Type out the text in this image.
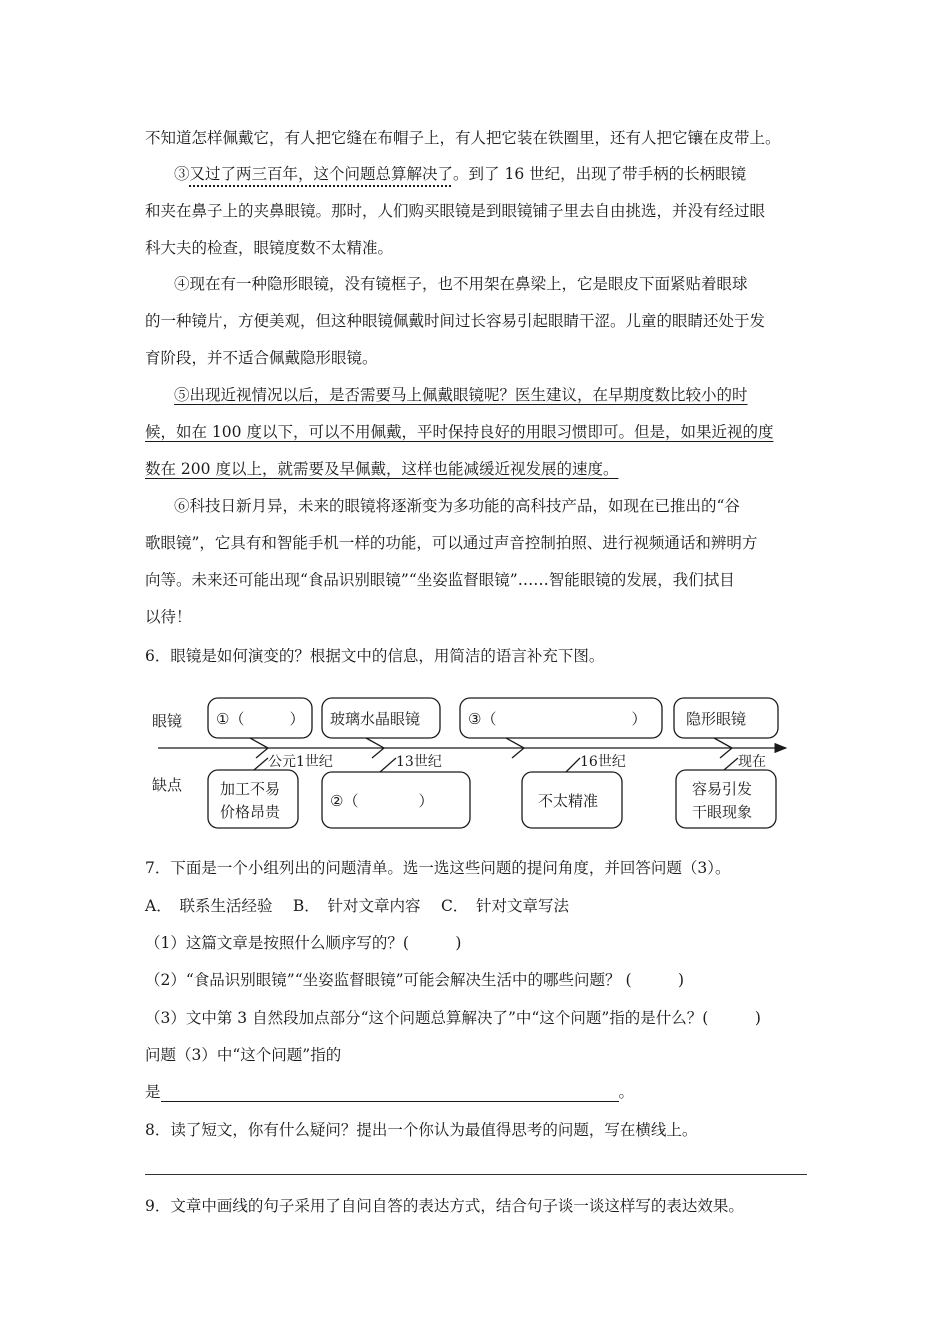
不知道怎样佩戴它，有人把它缝在布帽子上，有人把它装在铁圈里，还有人把它镶在皮带上。
③又过了两三百年，这个问题总算解决了。到了 16 世纪，出现了带手柄的长柄眼镜
和夹在鼻子上的夹鼻眼镜。那时，人们购买眼镜是到眼镜铺子里去自由挑选，并没有经过眼
科大夫的检查，眼镜度数不太精准。
④现在有一种隐形眼镜，没有镜框子，也不用架在鼻梁上，它是眼皮下面紧贴着眼球
的一种镜片，方便美观，但这种眼镜佩戴时间过长容易引起眼睛干涩。儿童的眼睛还处于发
育阶段，并不适合佩戴隐形眼镜。
⑤出现近视情况以后，是否需要马上佩戴眼镜呢？医生建议，在早期度数比较小的时
候，如在 100 度以下，可以不用佩戴，平时保持良好的用眼习惯即可。但是，如果近视的度
数在 200 度以上，就需要及早佩戴，这样也能减缓近视发展的速度。
⑥科技日新月异，未来的眼镜将逐渐变为多功能的高科技产品，如现在已推出的“谷
歌眼镜”，它具有和智能手机一样的功能，可以通过声音控制拍照、进行视频通话和辨明方
向等。未来还可能出现“食品识别眼镜”“坐姿监督眼镜”……智能眼镜的发展，我们拭目
以待！
6．眼镜是如何演变的？根据文中的信息，用简洁的语言补充下图。
眼镜
缺点
①（　　　） 玻璃水晶眼镜	③（　　　　　　　　　）	隐形眼镜
公元1世纪	13世纪	16世纪	现在
加工不易
价格昂贵
②（　　　　）	不太精准
容易引发
干眼现象
7．下面是一个小组列出的问题清单。选一选这些问题的提问角度，并回答问题（3）。
A．　联系生活经验　 B．　针对文章内容　 C．　针对文章写法
（1）这篇文章是按照什么顺序写的？(　　　)
（2）“食品识别眼镜”“坐姿监督眼镜”可能会解决生活中的哪些问题？ (　　　)
（3）文中第 3 自然段加点部分“这个问题总算解决了”中“这个问题”指的是什么？(　　　)
问题（3）中“这个问题”指的
是	。
8．读了短文，你有什么疑问？提出一个你认为最值得思考的问题，写在横线上。
9．文章中画线的句子采用了自问自答的表达方式，结合句子谈一谈这样写的表达效果。
